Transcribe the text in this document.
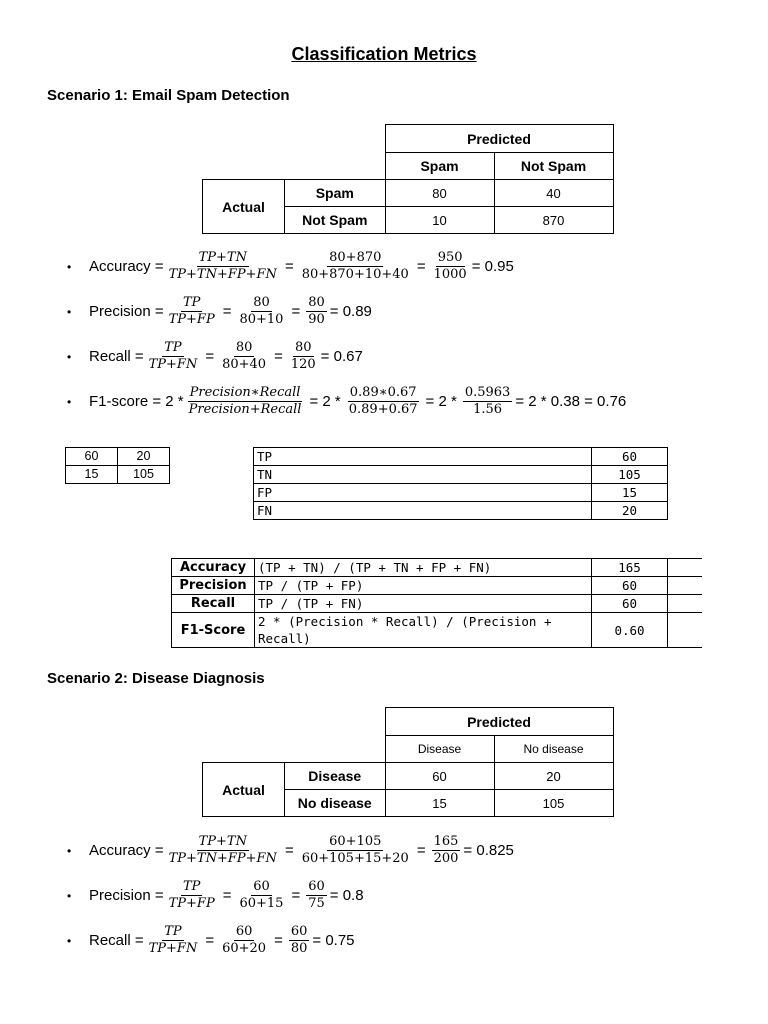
Classification Metrics
Scenario 1: Email Spam Detection
		Predicted	
		Spam	Not Spam
Actual	Spam	80	40
	Not Spam	10	870
•	Accuracy = $\frac{TP+TN}{TP+TN+FP+FN} = \frac{80+870}{80+870+10+40} = \frac{950}{1000} = 0.95$
•	Precision = $\frac{TP}{TP+FP} = \frac{80}{80+10} = \frac{80}{90} = 0.89$
•	Recall = $\frac{TP}{TP+FN} = \frac{80}{80+40} = \frac{80}{120} = 0.67$
•	F1-score = $2 * \frac{\text{Precision∗Recall}}{\text{Precision+Recall}} = 2 * \frac{0.89∗0.67}{0.89+0.67} = 2 * \frac{0.5963}{1.56} = 2 * 0.38 = 0.76$
60	20
15	105
TP	60
TN	105
FP	15
FN	20
Accuracy	(TP + TN) / (TP + TN + FP + FN)	165	
Precision	TP / (TP + FP)	60	
Recall	TP / (TP + FN)	60	
F1-Score	2 * (Precision * Recall) / (Precision + Recall)	0.60	
Scenario 2: Disease Diagnosis
		Predicted	
		Disease	No disease
Actual	Disease	60	20
	No disease	15	105
•	Accuracy = $\frac{TP+TN}{TP+TN+FP+FN} = \frac{60+105}{60+105+15+20} = \frac{165}{200} = 0.825$
•	Precision = $\frac{TP}{TP+FP} = \frac{60}{60+15} = \frac{60}{75} = 0.8$
•	Recall = $\frac{TP}{TP+FN} = \frac{60}{60+20} = \frac{60}{80} = 0.75$
